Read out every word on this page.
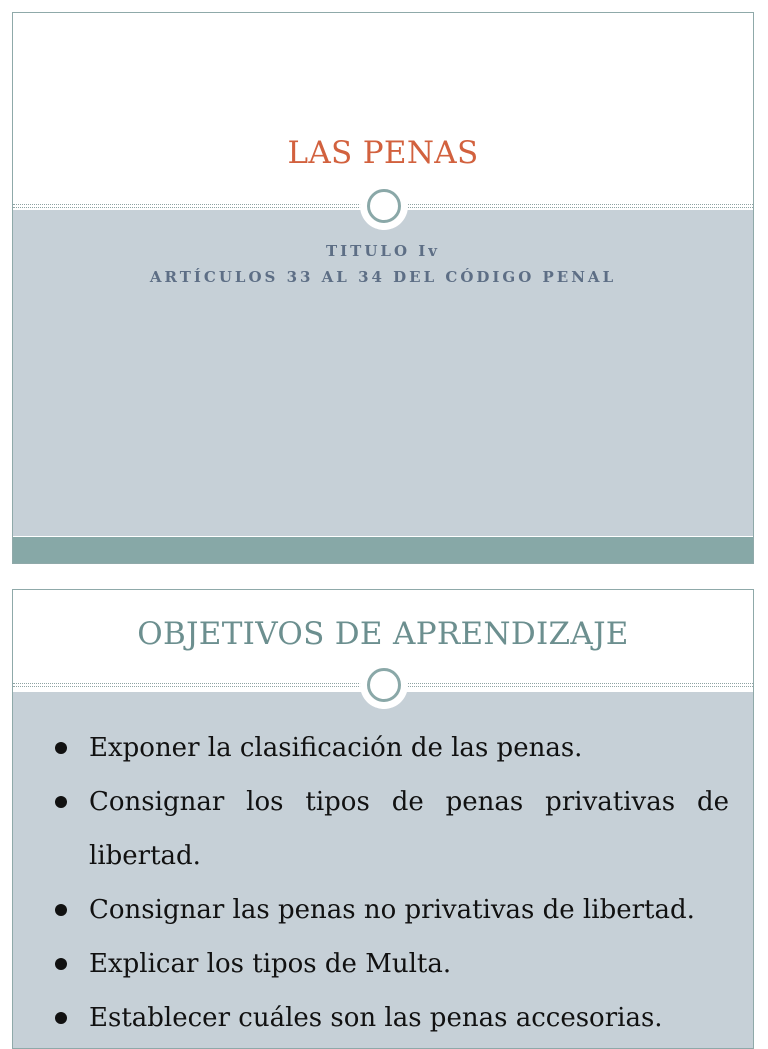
LAS PENAS
TITULO Iv
ARTÍCULOS 33 AL 34 DEL CÓDIGO PENAL
OBJETIVOS DE APRENDIZAJE
Exponer la clasificación de las penas.
Consignar los tipos de penas privativas de
libertad.
Consignar las penas no privativas de libertad.
Explicar los tipos de Multa.
Establecer cuáles son las penas accesorias.
